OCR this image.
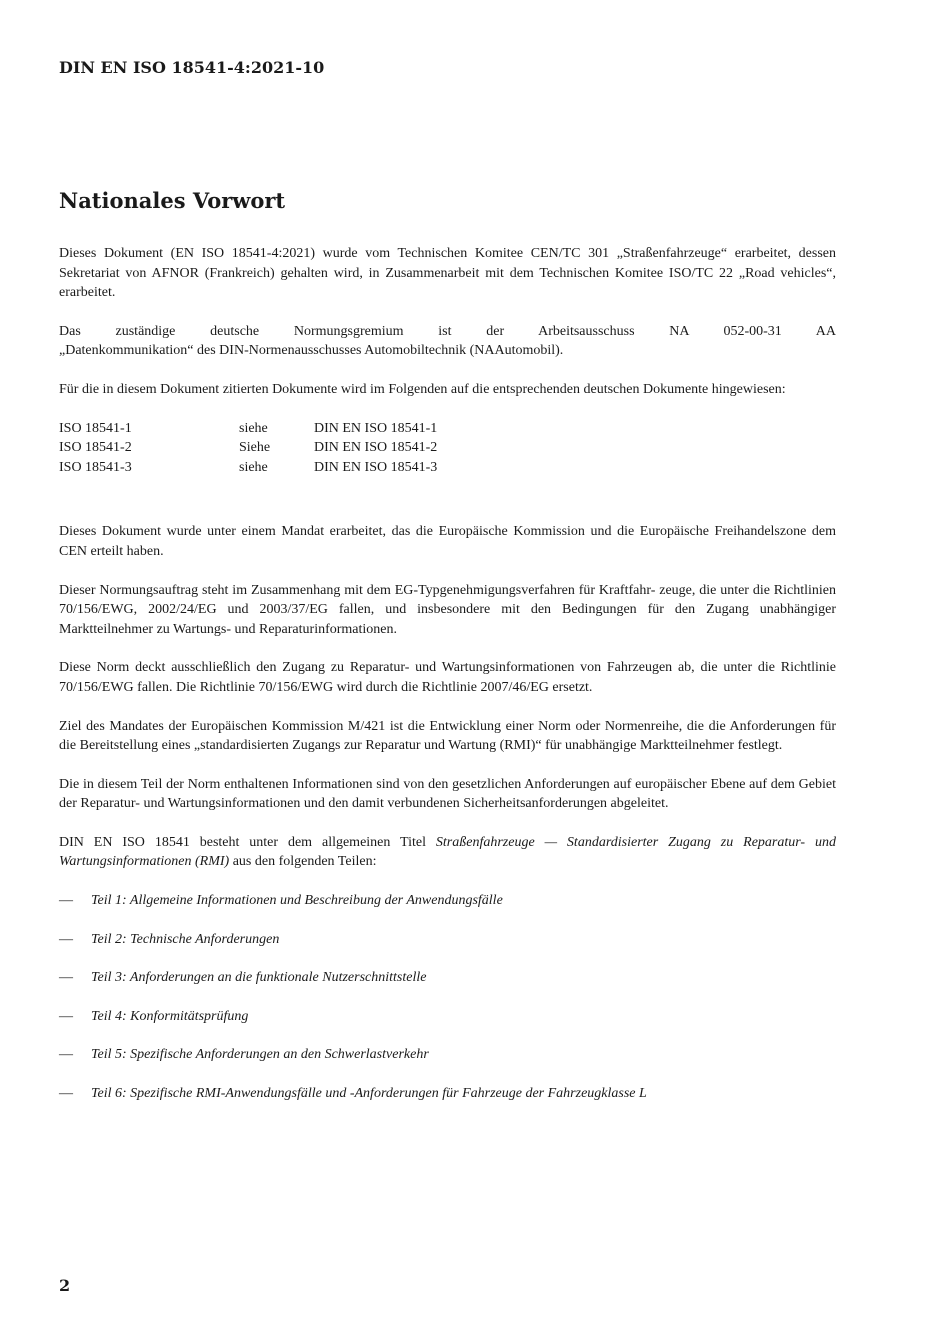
DIN EN ISO 18541-4:2021-10
Nationales Vorwort

Dieses Dokument (EN ISO 18541-4:2021) wurde vom Technischen Komitee CEN/TC 301 „Straßenfahrzeuge“ erarbeitet, dessen Sekretariat von AFNOR (Frankreich) gehalten wird, in Zusammenarbeit mit dem Technischen Komitee ISO/TC 22 „Road vehicles“, erarbeitet.

Das zuständige deutsche Normungsgremium ist der Arbeitsausschuss NA 052-00-31 AA
„Datenkommunikation“ des DIN-Normenausschusses Automobiltechnik (NAAutomobil).

Für die in diesem Dokument zitierten Dokumente wird im Folgenden auf die entsprechenden deutschen Dokumente hingewiesen:

ISO 18541-1	siehe	DIN EN ISO 18541-1
ISO 18541-2	Siehe	DIN EN ISO 18541-2
ISO 18541-3	siehe	DIN EN ISO 18541-3

Dieses Dokument wurde unter einem Mandat erarbeitet, das die Europäische Kommission und die Europäische Freihandelszone dem CEN erteilt haben.

Dieser Normungsauftrag steht im Zusammenhang mit dem EG-Typgenehmigungsverfahren für Kraftfahr- zeuge, die unter die Richtlinien 70/156/EWG, 2002/24/EG und 2003/37/EG fallen, und insbesondere mit den Bedingungen für den Zugang unabhängiger Marktteilnehmer zu Wartungs- und Reparaturinformationen.

Diese Norm deckt ausschließlich den Zugang zu Reparatur- und Wartungsinformationen von Fahrzeugen ab, die unter die Richtlinie 70/156/EWG fallen. Die Richtlinie 70/156/EWG wird durch die Richtlinie 2007/46/EG ersetzt.

Ziel des Mandates der Europäischen Kommission M/421 ist die Entwicklung einer Norm oder Normenreihe, die die Anforderungen für die Bereitstellung eines „standardisierten Zugangs zur Reparatur und Wartung (RMI)“ für unabhängige Marktteilnehmer festlegt.

Die in diesem Teil der Norm enthaltenen Informationen sind von den gesetzlichen Anforderungen auf europäischer Ebene auf dem Gebiet der Reparatur- und Wartungsinformationen und den damit verbundenen Sicherheitsanforderungen abgeleitet.

DIN EN ISO 18541 besteht unter dem allgemeinen Titel Straßenfahrzeuge — Standardisierter Zugang zu Reparatur- und Wartungsinformationen (RMI) aus den folgenden Teilen:

— Teil 1: Allgemeine Informationen und Beschreibung der Anwendungsfälle
— Teil 2: Technische Anforderungen
— Teil 3: Anforderungen an die funktionale Nutzerschnittstelle
— Teil 4: Konformitätsprüfung
— Teil 5: Spezifische Anforderungen an den Schwerlastverkehr
— Teil 6: Spezifische RMI-Anwendungsfälle und -Anforderungen für Fahrzeuge der Fahrzeugklasse L
2
